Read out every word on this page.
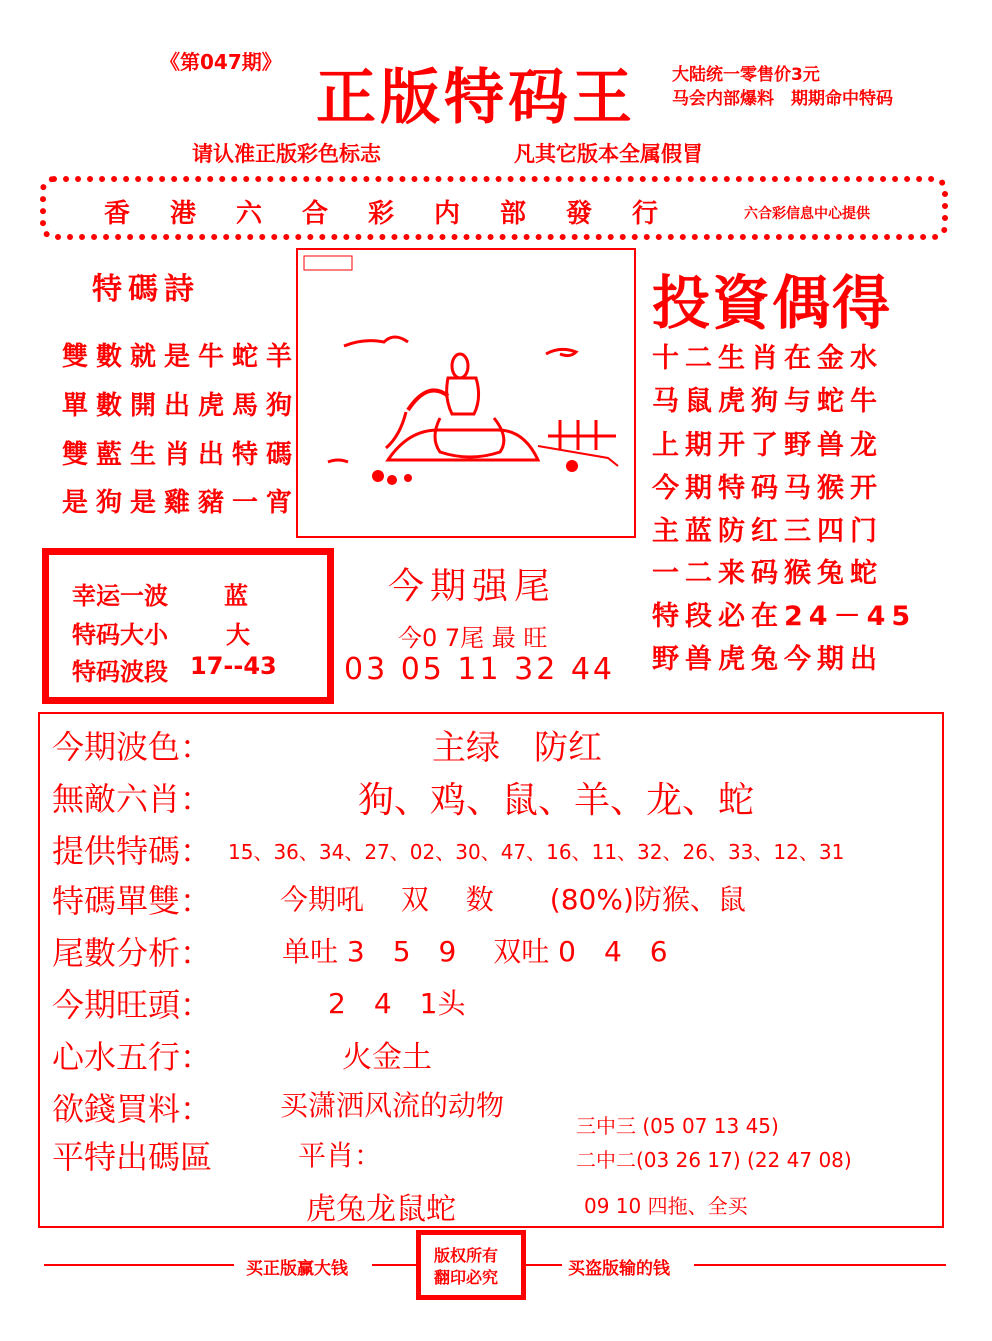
《第047期》
正版特码王 大陆统一零售价3元
马会内部爆料　期期命中特码
请认准正版彩色标志	凡其它版本全属假冒
香港六合彩内部發行	六合彩信息中心提供
特碼詩
雙數就是牛蛇羊
單數開出虎馬狗
雙藍生肖出特碼
是狗是雞豬一宵
投資偶得
十二生肖在金水
马鼠虎狗与蛇牛
上期开了野兽龙
今期特码马猴开
主蓝防红三四门
一二来码猴兔蛇
特段必在24－45
野兽虎兔今期出
幸运一波 蓝
特码大小 大
特码波段 17--43
今期强尾
今0 7尾 最 旺
03 05 11 32 44
今期波色：	主绿　防红
無敵六肖：	狗、鸡、鼠、羊、龙、蛇
提供特碼： 15、36、34、27、02、30、47、16、11、32、26、33、12、31
特碼單雙： 今期吼　 双　 数　　(80%)防猴、鼠
尾數分析： 单吐 3　5　9　 双吐 0　4　6
今期旺頭：	2　4　1头
心水五行：	火金土
欲錢買料： 买潇洒风流的动物
平特出碼區	平肖：
虎兔龙鼠蛇
三中三 (05 07 13 45)
二中二(03 26 17) (22 47 08)
09 10 四拖、全买
买正版赢大钱
版权所有
翻印必究	买盗版输的钱
